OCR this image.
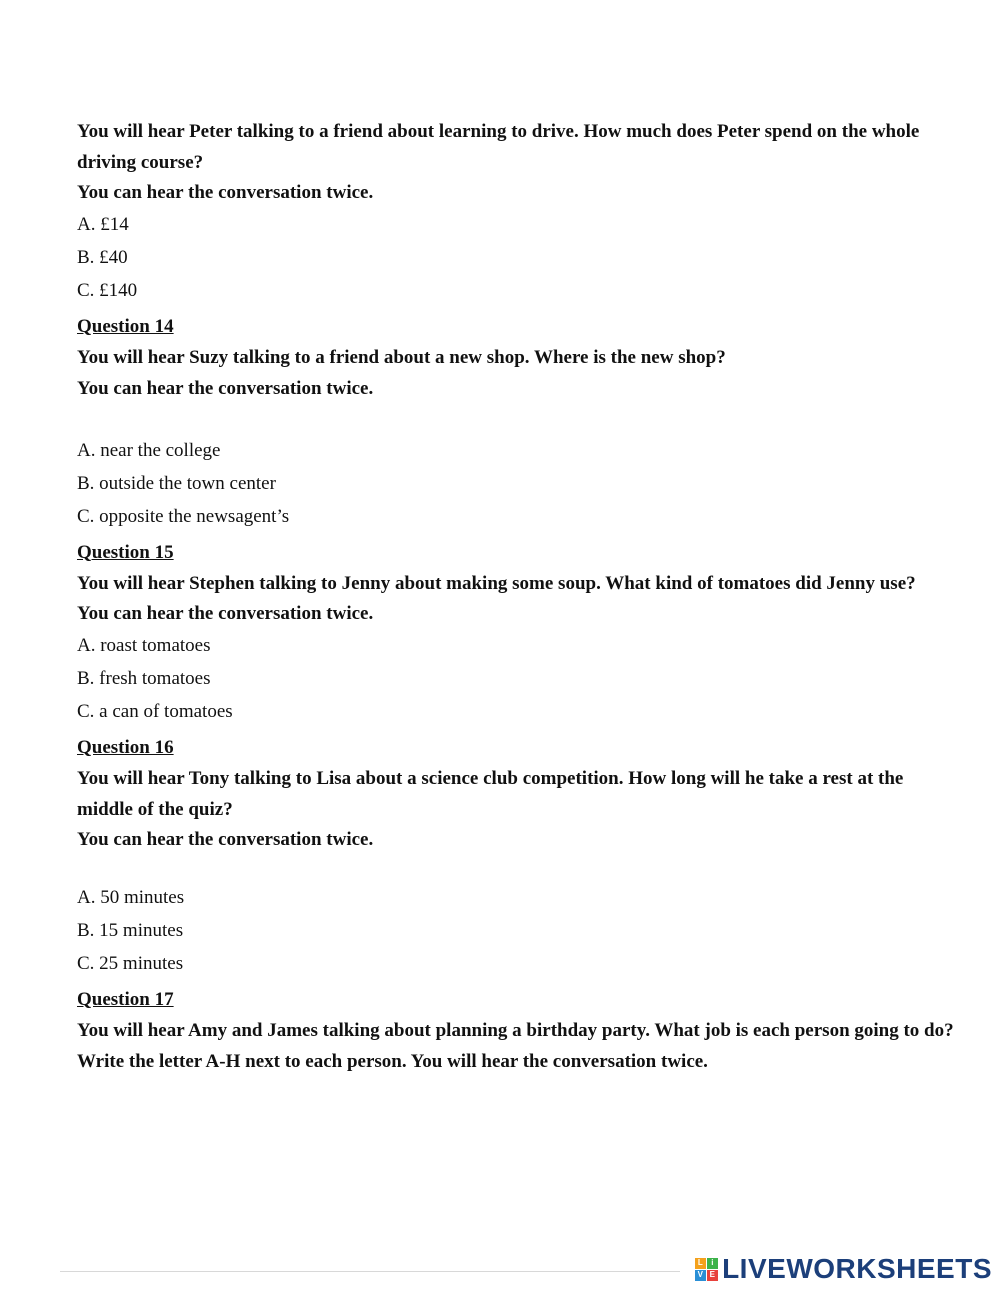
You will hear Peter talking to a friend about learning to drive. How much does Peter spend on the whole driving course?

You can hear the conversation twice.

A. £14

B. £40

C. £140

Question 14

You will hear Suzy talking to a friend about a new shop. Where is the new shop?

You can hear the conversation twice.

A. near the college

B. outside the town center

C. opposite the newsagent’s

Question 15

You will hear Stephen talking to Jenny about making some soup. What kind of tomatoes did Jenny use?

You can hear the conversation twice.

A. roast tomatoes

B. fresh tomatoes

C. a can of tomatoes

Question 16

You will hear Tony talking to Lisa about a science club competition. How long will he take a rest at the middle of the quiz?

You can hear the conversation twice.

A. 50 minutes

B. 15 minutes

C. 25 minutes

Question 17

You will hear Amy and James talking about planning a birthday party. What job is each person going to do?

Write the letter A-H next to each person. You will hear the conversation twice.

L i
V E LIVEWORKSHEETS
